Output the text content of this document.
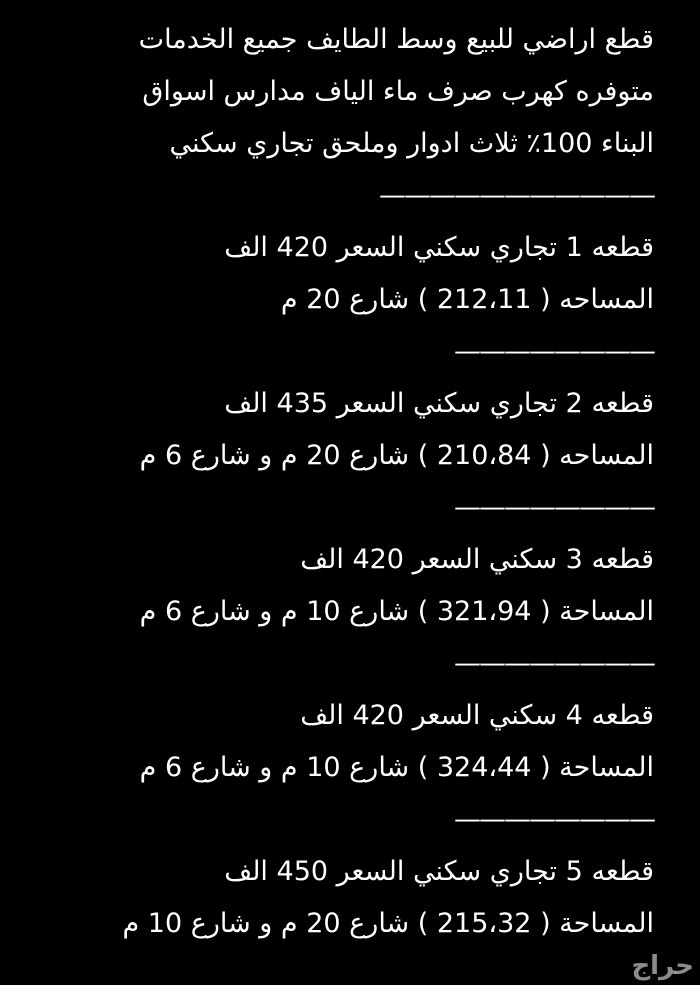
قطع اراضي للبيع وسط الطايف جميع الخدمات
متوفره كهرب صرف ماء الياف مدارس اسواق
البناء 100٪ ثلاث ادوار وملحق تجاري سكني
———————————
قطعه 1 تجاري سكني السعر 420 الف
المساحه ( 212،11 ) شارع 20 م
————————
قطعه 2 تجاري سكني السعر 435 الف
المساحه ( 210،84 ) شارع 20 م و شارع 6 م
————————
قطعه 3 سكني السعر 420 الف
المساحة ( 321،94 ) شارع 10 م و شارع 6 م
————————
قطعه 4 سكني السعر 420 الف
المساحة ( 324،44 ) شارع 10 م و شارع 6 م
————————
قطعه 5 تجاري سكني السعر 450 الف
المساحة ( 215،32 ) شارع 20 م و شارع 10 م
حراج
